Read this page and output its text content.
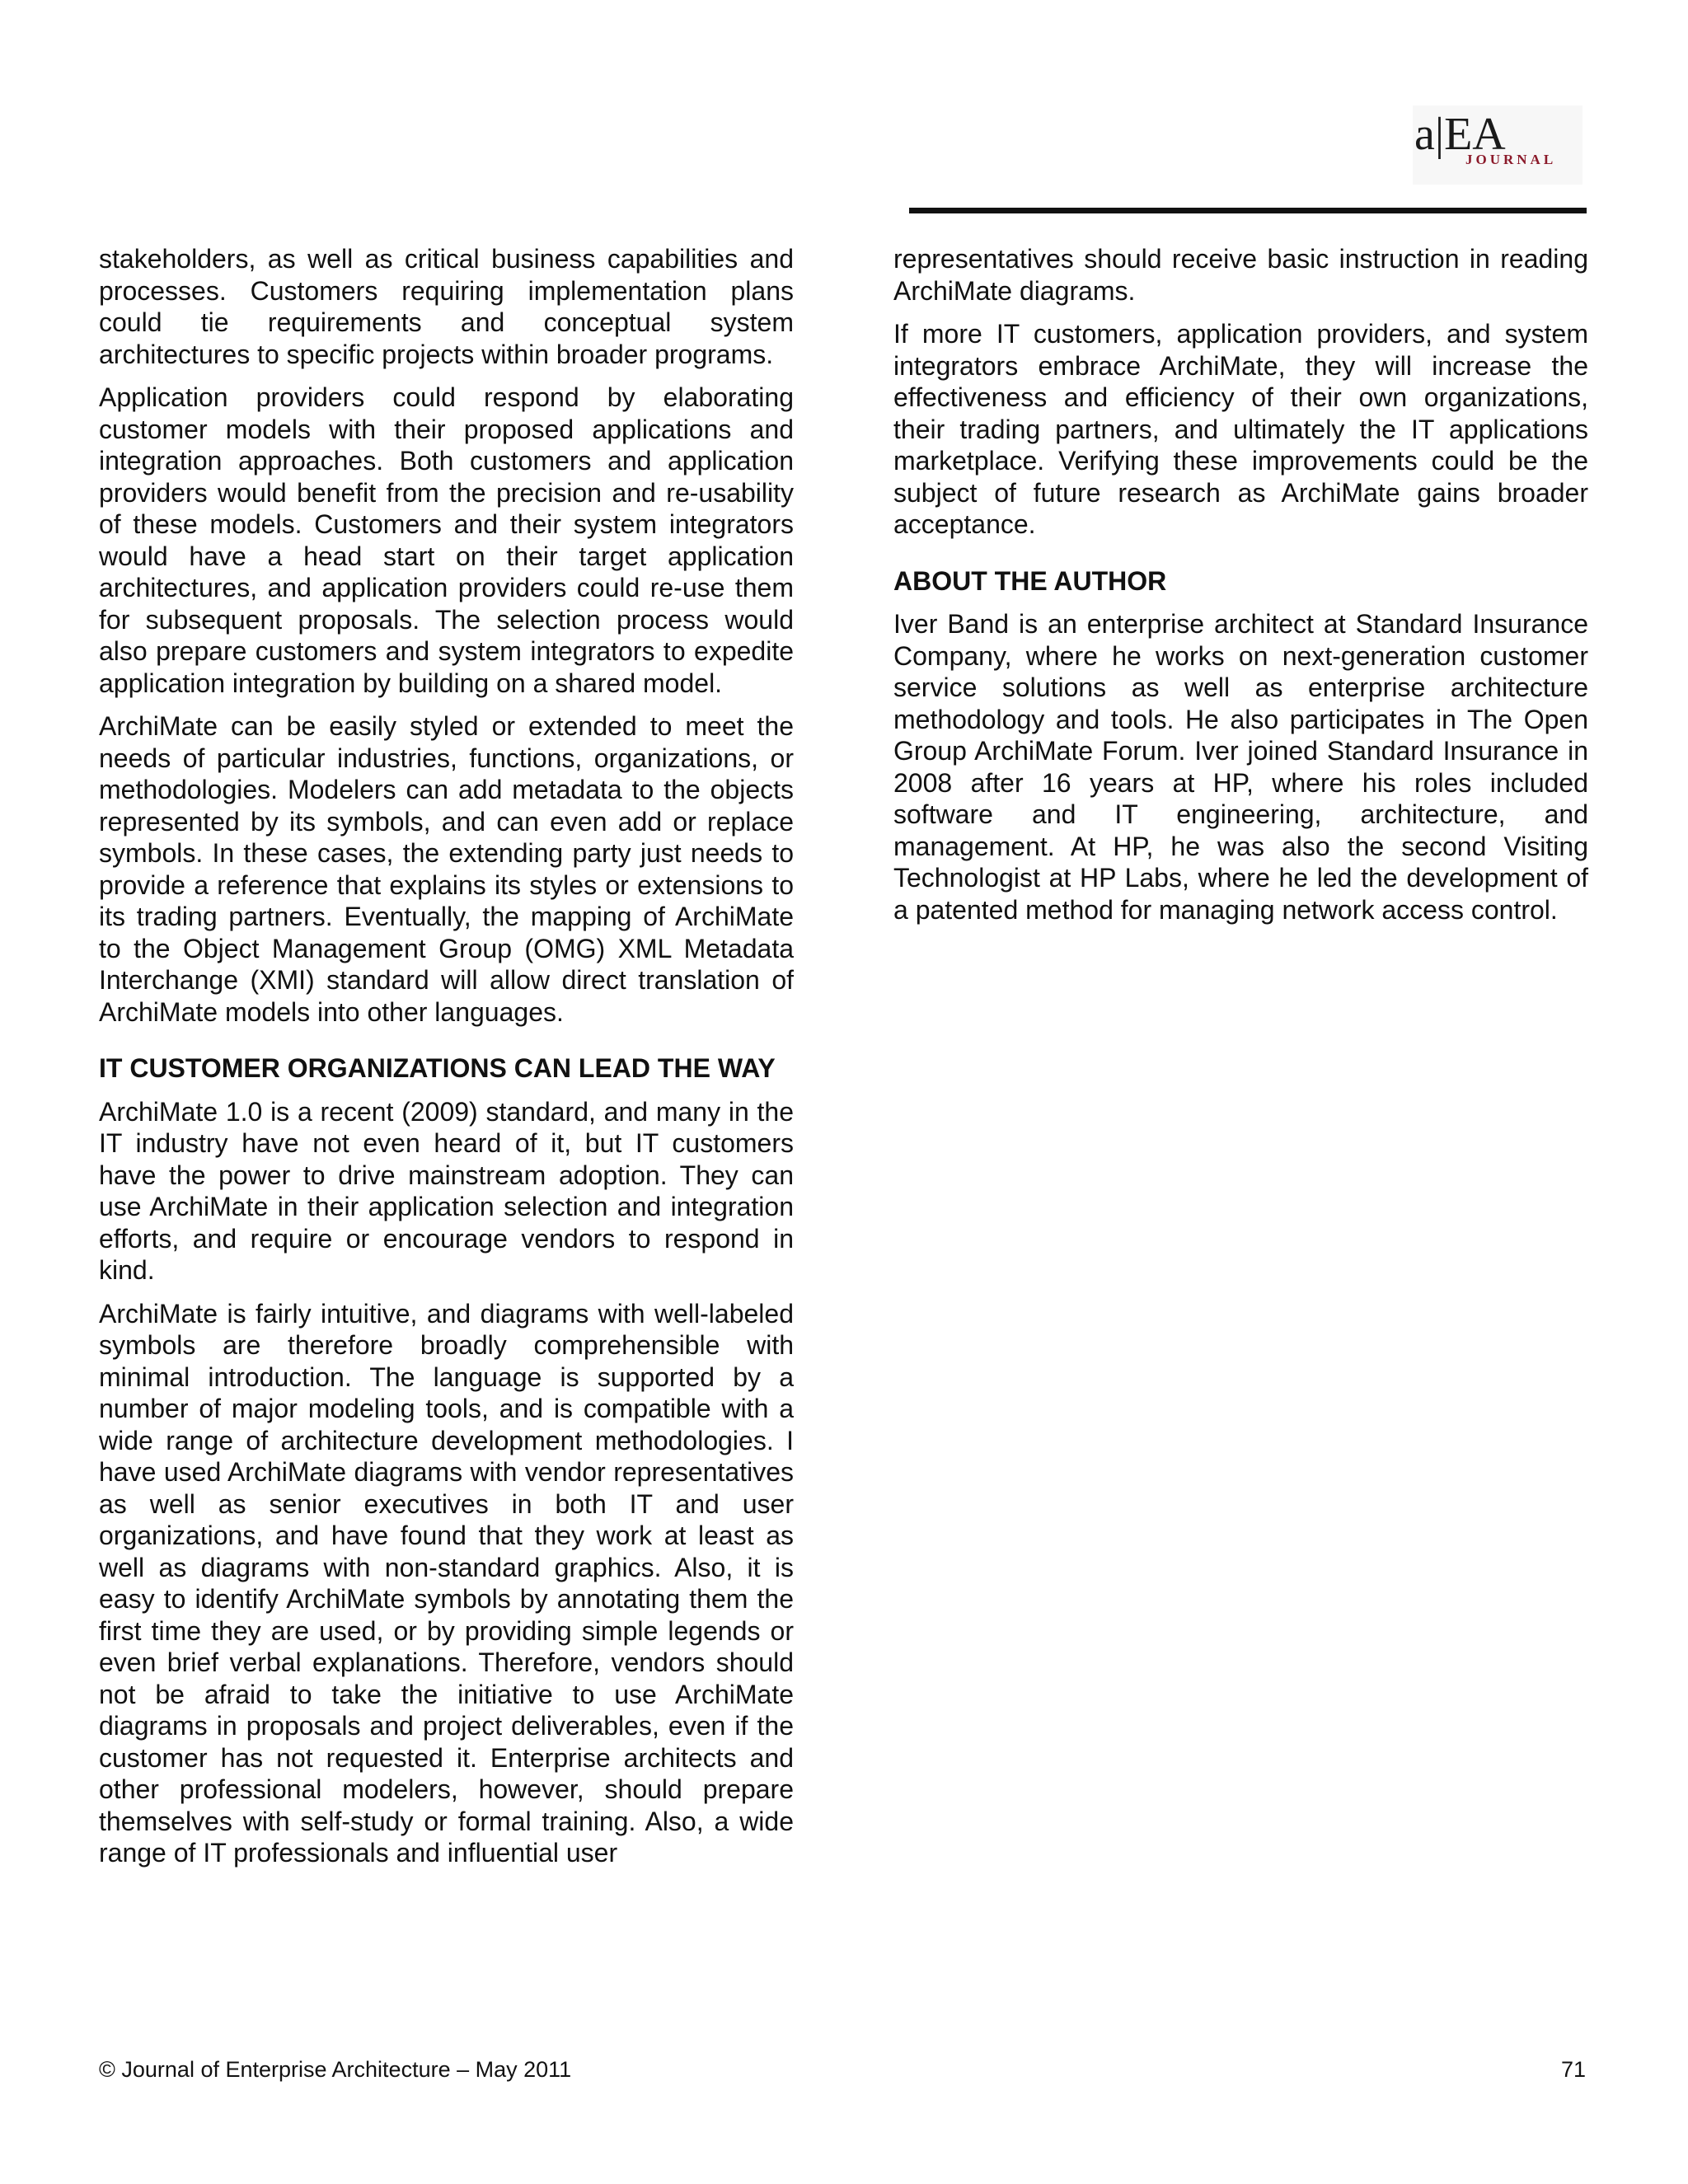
a|EA
JOURNAL

stakeholders, as well as critical business capabilities and processes. Customers requiring implementation plans could tie requirements and conceptual system architectures to specific projects within broader programs.

Application providers could respond by elaborating customer models with their proposed applications and integration approaches. Both customers and application providers would benefit from the precision and re-usability of these models. Customers and their system integrators would have a head start on their target application architectures, and application providers could re-use them for subsequent proposals. The selection process would also prepare customers and system integrators to expedite application integration by building on a shared model.

ArchiMate can be easily styled or extended to meet the needs of particular industries, functions, organizations, or methodologies. Modelers can add metadata to the objects represented by its symbols, and can even add or replace symbols. In these cases, the extending party just needs to provide a reference that explains its styles or extensions to its trading partners. Eventually, the mapping of ArchiMate to the Object Management Group (OMG) XML Metadata Interchange (XMI) standard will allow direct translation of ArchiMate models into other languages.

IT CUSTOMER ORGANIZATIONS CAN LEAD THE WAY

ArchiMate 1.0 is a recent (2009) standard, and many in the IT industry have not even heard of it, but IT customers have the power to drive mainstream adoption. They can use ArchiMate in their application selection and integration efforts, and require or encourage vendors to respond in kind.

ArchiMate is fairly intuitive, and diagrams with well-labeled symbols are therefore broadly comprehensible with minimal introduction. The language is supported by a number of major modeling tools, and is compatible with a wide range of architecture development methodologies. I have used ArchiMate diagrams with vendor representatives as well as senior executives in both IT and user organizations, and have found that they work at least as well as diagrams with non-standard graphics. Also, it is easy to identify ArchiMate symbols by annotating them the first time they are used, or by providing simple legends or even brief verbal explanations. Therefore, vendors should not be afraid to take the initiative to use ArchiMate diagrams in proposals and project deliverables, even if the customer has not requested it. Enterprise architects and other professional modelers, however, should prepare themselves with self-study or formal training. Also, a wide range of IT professionals and influential user

representatives should receive basic instruction in reading ArchiMate diagrams.

If more IT customers, application providers, and system integrators embrace ArchiMate, they will increase the effectiveness and efficiency of their own organizations, their trading partners, and ultimately the IT applications marketplace. Verifying these improvements could be the subject of future research as ArchiMate gains broader acceptance.

ABOUT THE AUTHOR

Iver Band is an enterprise architect at Standard Insurance Company, where he works on next-generation customer service solutions as well as enterprise architecture methodology and tools. He also participates in The Open Group ArchiMate Forum. Iver joined Standard Insurance in 2008 after 16 years at HP, where his roles included software and IT engineering, architecture, and management. At HP, he was also the second Visiting Technologist at HP Labs, where he led the development of a patented method for managing network access control.

© Journal of Enterprise Architecture – May 2011	71
